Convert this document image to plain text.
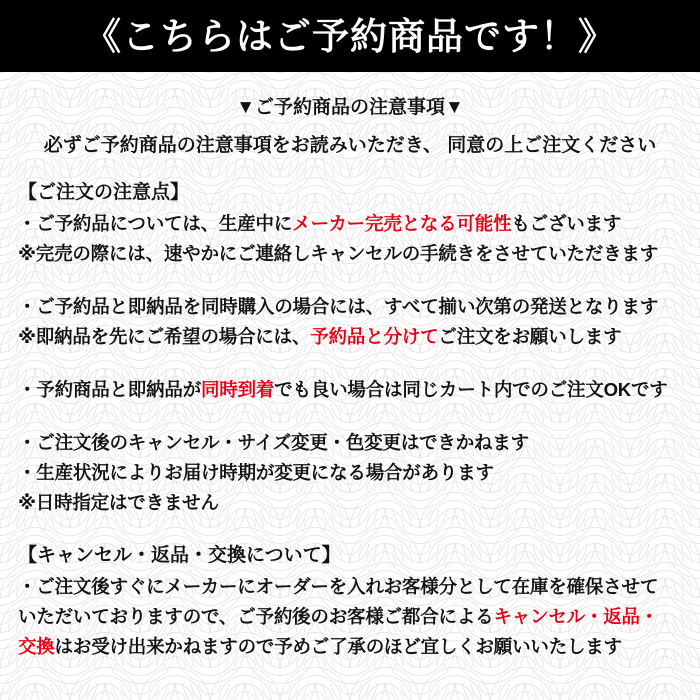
《こちらはご予約商品です！》
▼ご予約商品の注意事項▼
必ずご予約商品の注意事項をお読みいただき、 同意の上ご注文ください
【ご注文の注意点】
・ご予約品については、生産中にメーカー完売となる可能性もございます
※完売の際には、速やかにご連絡しキャンセルの手続きをさせていただきます
・ご予約品と即納品を同時購入の場合には、すべて揃い次第の発送となります
※即納品を先にご希望の場合には、予約品と分けてご注文をお願いします
・予約商品と即納品が同時到着でも良い場合は同じカート内でのご注文OKです
・ご注文後のキャンセル・サイズ変更・色変更はできかねます
・生産状況によりお届け時期が変更になる場合があります
※日時指定はできません
【キャンセル・返品・交換について】
・ご注文後すぐにメーカーにオーダーを入れお客様分として在庫を確保させて
いただいておりますので、ご予約後のお客様ご都合によるキャンセル・返品・
交換はお受け出来かねますので予めご了承のほど宜しくお願いいたします
